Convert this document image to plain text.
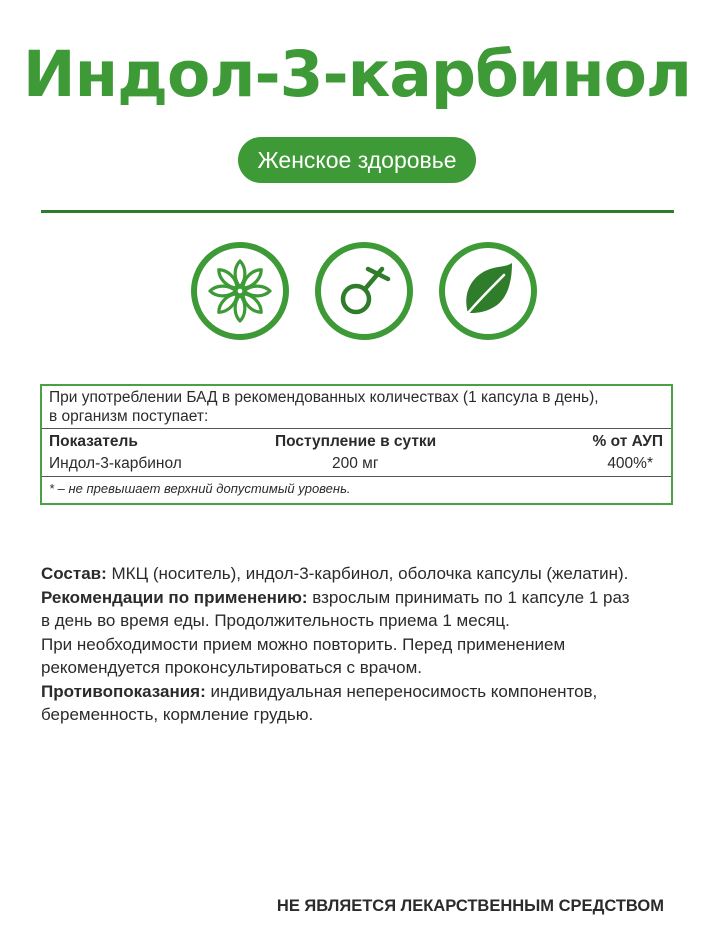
Индол-3-карбинол
Женское здоровье
При употреблении БАД в рекомендованных количествах (1 капсула в день),
в организм поступает:
Показатель	Поступление в сутки	% от АУП
Индол-3-карбинол	200 мг	400%*
* – не превышает верхний допустимый уровень.

Состав: МКЦ (носитель), индол-3-карбинол, оболочка капсулы (желатин).

Рекомендации по применению: взрослым принимать по 1 капсуле 1 раз

в день во время еды. Продолжительность приема 1 месяц.

При необходимости прием можно повторить. Перед применением

рекомендуется проконсультироваться с врачом.

Противопоказания: индивидуальная непереносимость компонентов,

беременность, кормление грудью.

НЕ ЯВЛЯЕТСЯ ЛЕКАРСТВЕННЫМ СРЕДСТВОМ
